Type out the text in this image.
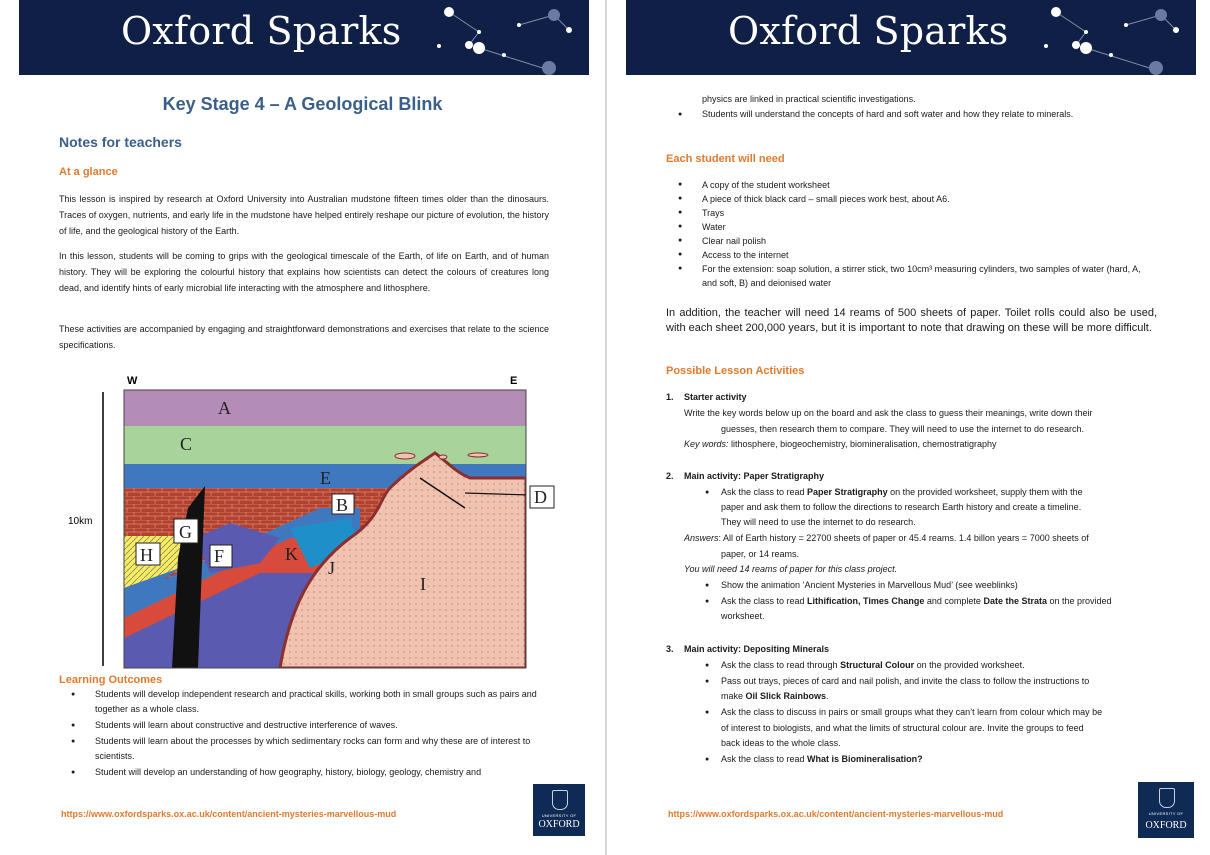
Oxford Sparks
Key Stage 4 – A Geological Blink
Notes for teachers
At a glance
This lesson is inspired by research at Oxford University into Australian mudstone fifteen times older than the dinosaurs. Traces of oxygen, nutrients, and early life in the mudstone have helped entirely reshape our picture of evolution, the history of life, and the geological history of the Earth.
In this lesson, students will be coming to grips with the geological timescale of the Earth, of life on Earth, and of human history. They will be exploring the colourful history that explains how scientists can detect the colours of creatures long dead, and identify hints of early microbial life interacting with the atmosphere and lithosphere.
These activities are accompanied by engaging and straightforward demonstrations and exercises that relate to the science specifications.
W	E
10km
A
C
E
B	D
G
H	F	K
J
I
Learning Outcomes
● Students will develop independent research and practical skills, working both in small groups such as pairs and together as a whole class.
● Students will learn about constructive and destructive interference of waves.
● Students will learn about the processes by which sedimentary rocks can form and why these are of interest to scientists.
● Student will develop an understanding of how geography, history, biology, geology, chemistry and
https://www.oxfordsparks.ox.ac.uk/content/ancient-mysteries-marvellous-mud	UNIVERSITY OF
OXFORD
Oxford Sparks
physics are linked in practical scientific investigations.
● Students will understand the concepts of hard and soft water and how they relate to minerals.
Each student will need
● A copy of the student worksheet
● A piece of thick black card – small pieces work best, about A6.
● Trays
● Water
● Clear nail polish
● Access to the internet
● For the extension: soap solution, a stirrer stick, two 10cm³ measuring cylinders, two samples of water (hard, A, and soft, B) and deionised water
In addition, the teacher will need 14 reams of 500 sheets of paper. Toilet rolls could also be used, with each sheet 200,000 years, but it is important to note that drawing on these will be more difficult.
Possible Lesson Activities
1. Starter activity
Write the key words below up on the board and ask the class to guess their meanings, write down their
guesses, then research them to compare. They will need to use the internet to do research.
Key words: lithosphere, biogeochemistry, biomineralisation, chemostratigraphy
2. Main activity: Paper Stratigraphy
● Ask the class to read Paper Stratigraphy on the provided worksheet, supply them with the
paper and ask them to follow the directions to research Earth history and create a timeline.
They will need to use the internet to do research.
Answers: All of Earth history = 22700 sheets of paper or 45.4 reams. 1.4 billon years = 7000 sheets of
paper, or 14 reams.
You will need 14 reams of paper for this class project.
● Show the animation ‘Ancient Mysteries in Marvellous Mud’ (see weeblinks)
● Ask the class to read Lithification, Times Change and complete Date the Strata on the provided
worksheet.
3. Main activity: Depositing Minerals
● Ask the class to read through Structural Colour on the provided worksheet.
● Pass out trays, pieces of card and nail polish, and invite the class to follow the instructions to
make Oil Slick Rainbows.
● Ask the class to discuss in pairs or small groups what they can’t learn from colour which may be
of interest to biologists, and what the limits of structural colour are. Invite the groups to feed
back ideas to the whole class.
● Ask the class to read What is Biomineralisation?
https://www.oxfordsparks.ox.ac.uk/content/ancient-mysteries-marvellous-mud	UNIVERSITY OF
OXFORD
